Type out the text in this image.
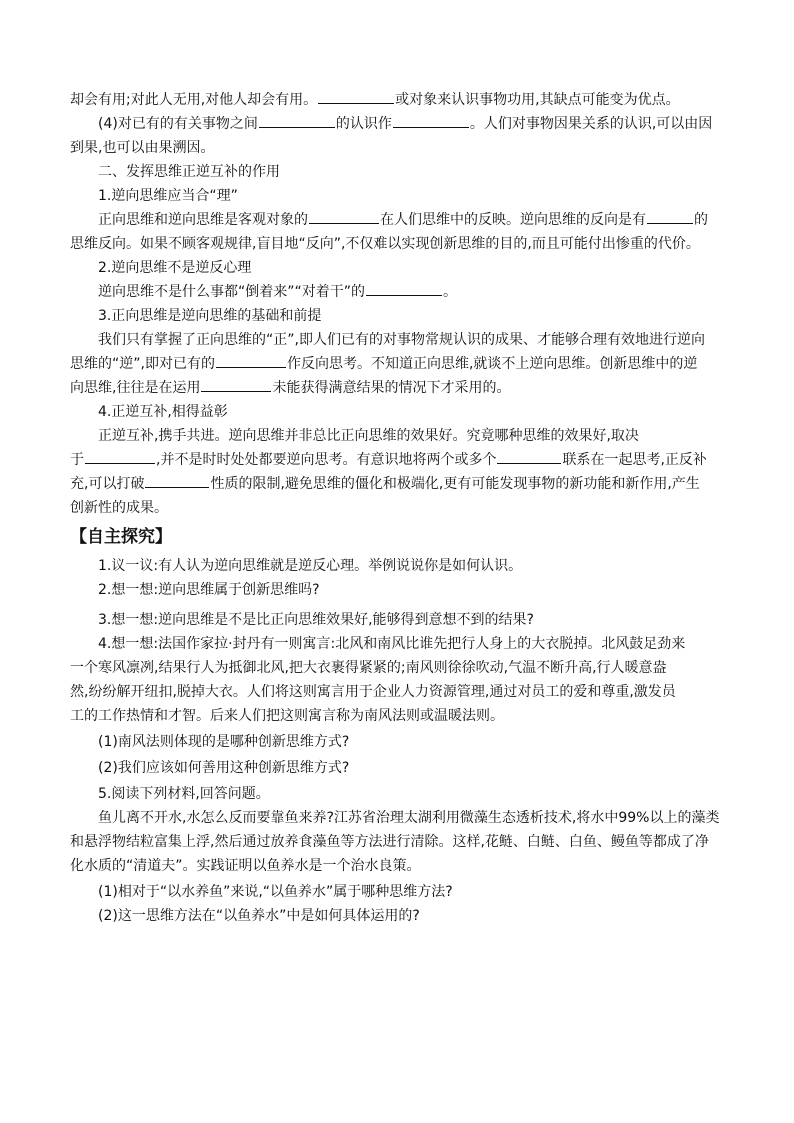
却会有用;对此人无用,对他人却会有用。	或对象来认识事物功用,其缺点可能变为优点。

(4)对已有的有关事物之间	的认识作	。人们对事物因果关系的认识,可以由因
到果,也可以由果溯因。

二、发挥思维正逆互补的作用

1.逆向思维应当合“理”

正向思维和逆向思维是客观对象的	在人们思维中的反映。逆向思维的反向是有	的
思维反向。如果不顾客观规律,盲目地“反向”,不仅难以实现创新思维的目的,而且可能付出惨重的代价。

2.逆向思维不是逆反心理

逆向思维不是什么事都“倒着来”“对着干”的	。

3.正向思维是逆向思维的基础和前提

我们只有掌握了正向思维的“正”,即人们已有的对事物常规认识的成果、才能够合理有效地进行逆向
思维的“逆”,即对已有的	作反向思考。不知道正向思维,就谈不上逆向思维。创新思维中的逆
向思维,往往是在运用	未能获得满意结果的情况下才采用的。

4.正逆互补,相得益彰

正逆互补,携手共进。逆向思维并非总比正向思维的效果好。究竟哪种思维的效果好,取决
于	,并不是时时处处都要逆向思考。有意识地将两个或多个	联系在一起思考,正反补
充,可以打破	性质的限制,避免思维的僵化和极端化,更有可能发现事物的新功能和新作用,产生
创新性的成果。

【自主探究】

1.议一议:有人认为逆向思维就是逆反心理。举例说说你是如何认识。

2.想一想:逆向思维属于创新思维吗?

3.想一想:逆向思维是不是比正向思维效果好,能够得到意想不到的结果?

4.想一想:法国作家拉·封丹有一则寓言:北风和南风比谁先把行人身上的大衣脱掉。北风鼓足劲来
一个寒风凛冽,结果行人为抵御北风,把大衣裹得紧紧的;南风则徐徐吹动,气温不断升高,行人暖意盎
然,纷纷解开纽扣,脱掉大衣。人们将这则寓言用于企业人力资源管理,通过对员工的爱和尊重,激发员
工的工作热情和才智。后来人们把这则寓言称为南风法则或温暖法则。

(1)南风法则体现的是哪种创新思维方式?

(2)我们应该如何善用这种创新思维方式?

5.阅读下列材料,回答问题。

鱼儿离不开水,水怎么反而要靠鱼来养?江苏省治理太湖利用微藻生态透析技术,将水中99%以上的藻类
和悬浮物结粒富集上浮,然后通过放养食藻鱼等方法进行清除。这样,花鲢、白鲢、白鱼、鳗鱼等都成了净
化水质的“清道夫”。实践证明以鱼养水是一个治水良策。

(1)相对于“以水养鱼”来说,“以鱼养水”属于哪种思维方法?

(2)这一思维方法在“以鱼养水”中是如何具体运用的?
